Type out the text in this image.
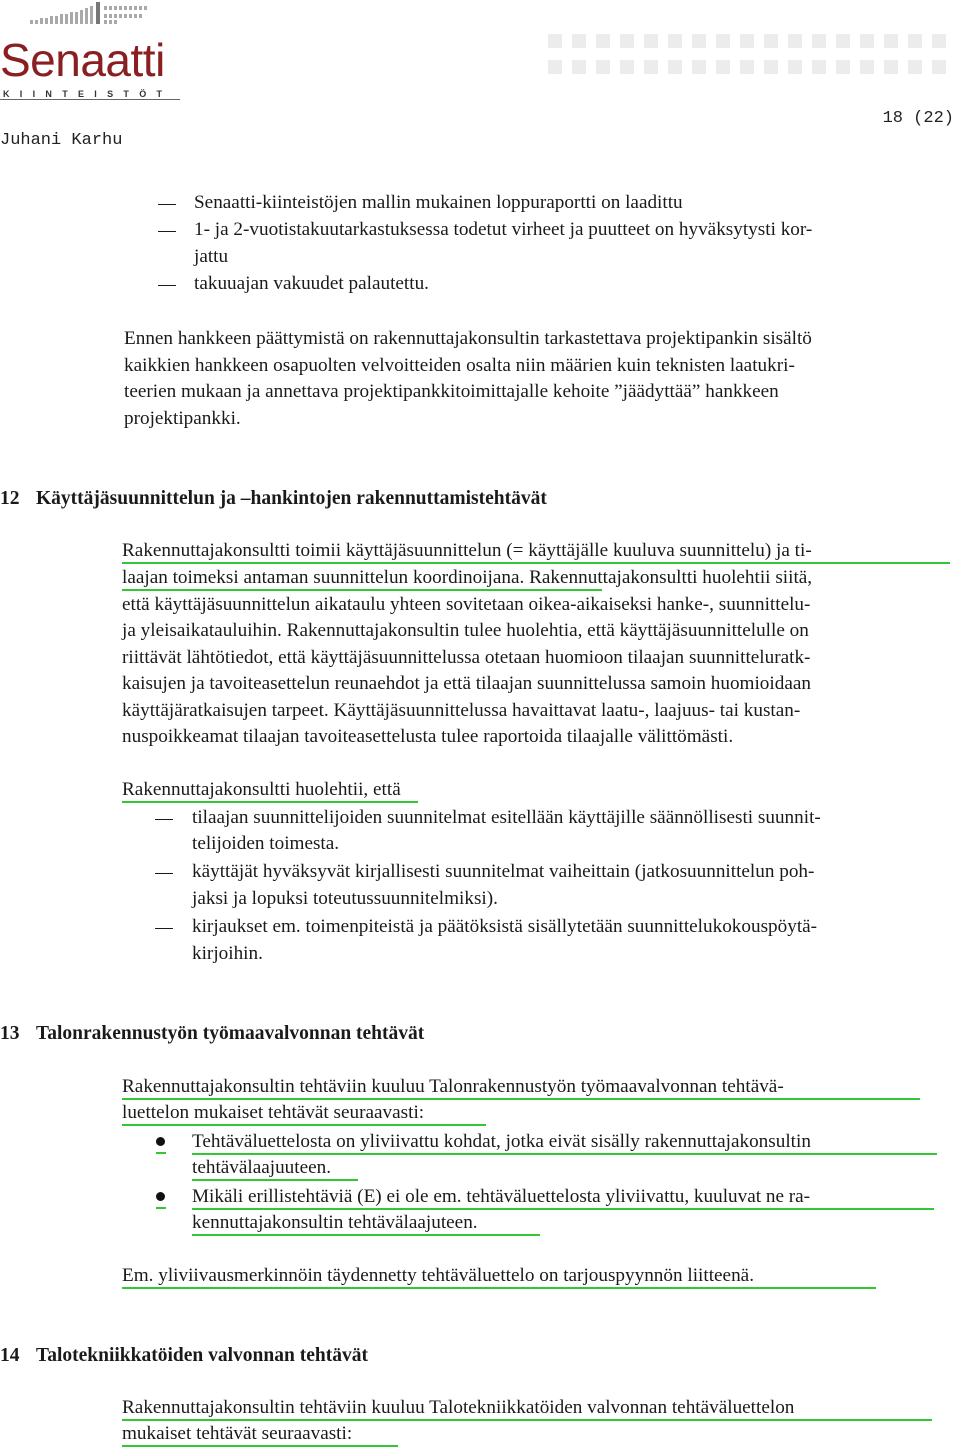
Senaatti
KIINTEISTÖT
Juhani Karhu
18 (22)
Senaatti-kiinteistöjen mallin mukainen loppuraportti on laadittu
1- ja 2-vuotistakuutarkastuksessa todetut virheet ja puutteet on hyväksytysti kor-
jattu
takuuajan vakuudet palautettu.
Ennen hankkeen päättymistä on rakennuttajakonsultin tarkastettava projektipankin sisältö
kaikkien hankkeen osapuolten velvoitteiden osalta niin määrien kuin teknisten laatukri-
teerien mukaan ja annettava projektipankkitoimittajalle kehoite ”jäädyttää” hankkeen
projektipankki.
12 Käyttäjäsuunnittelun ja –hankintojen rakennuttamistehtävät
Rakennuttajakonsultti toimii käyttäjäsuunnittelun (= käyttäjälle kuuluva suunnittelu) ja ti-
laajan toimeksi antaman suunnittelun koordinoijana. Rakennuttajakonsultti huolehtii siitä,
että käyttäjäsuunnittelun aikataulu yhteen sovitetaan oikea-aikaiseksi hanke-, suunnittelu-
ja yleisaikatauluihin. Rakennuttajakonsultin tulee huolehtia, että käyttäjäsuunnittelulle on
riittävät lähtötiedot, että käyttäjäsuunnittelussa otetaan huomioon tilaajan suunnitteluratk-
kaisujen ja tavoiteasettelun reunaehdot ja että tilaajan suunnittelussa samoin huomioidaan
käyttäjäratkaisujen tarpeet. Käyttäjäsuunnittelussa havaittavat laatu-, laajuus- tai kustan-
nuspoikkeamat tilaajan tavoiteasettelusta tulee raportoida tilaajalle välittömästi.
Rakennuttajakonsultti huolehtii, että
tilaajan suunnittelijoiden suunnitelmat esitellään käyttäjille säännöllisesti suunnit-
telijoiden toimesta.
käyttäjät hyväksyvät kirjallisesti suunnitelmat vaiheittain (jatkosuunnittelun poh-
jaksi ja lopuksi toteutussuunnitelmiksi).
kirjaukset em. toimenpiteistä ja päätöksistä sisällytetään suunnittelukokouspöytä-
kirjoihin.
13 Talonrakennustyön työmaavalvonnan tehtävät
Rakennuttajakonsultin tehtäviin kuuluu Talonrakennustyön työmaavalvonnan tehtävä-
luettelon mukaiset tehtävät seuraavasti:
Tehtäväluettelosta on yliviivattu kohdat, jotka eivät sisälly rakennuttajakonsultin
tehtävälaajuuteen.
Mikäli erillistehtäviä (E) ei ole em. tehtäväluettelosta yliviivattu, kuuluvat ne ra-
kennuttajakonsultin tehtävälaajuteen.
Em. yliviivausmerkinnöin täydennetty tehtäväluettelo on tarjouspyynnön liitteenä.
14 Talotekniikkatöiden valvonnan tehtävät
Rakennuttajakonsultin tehtäviin kuuluu Talotekniikkatöiden valvonnan tehtäväluettelon
mukaiset tehtävät seuraavasti:
